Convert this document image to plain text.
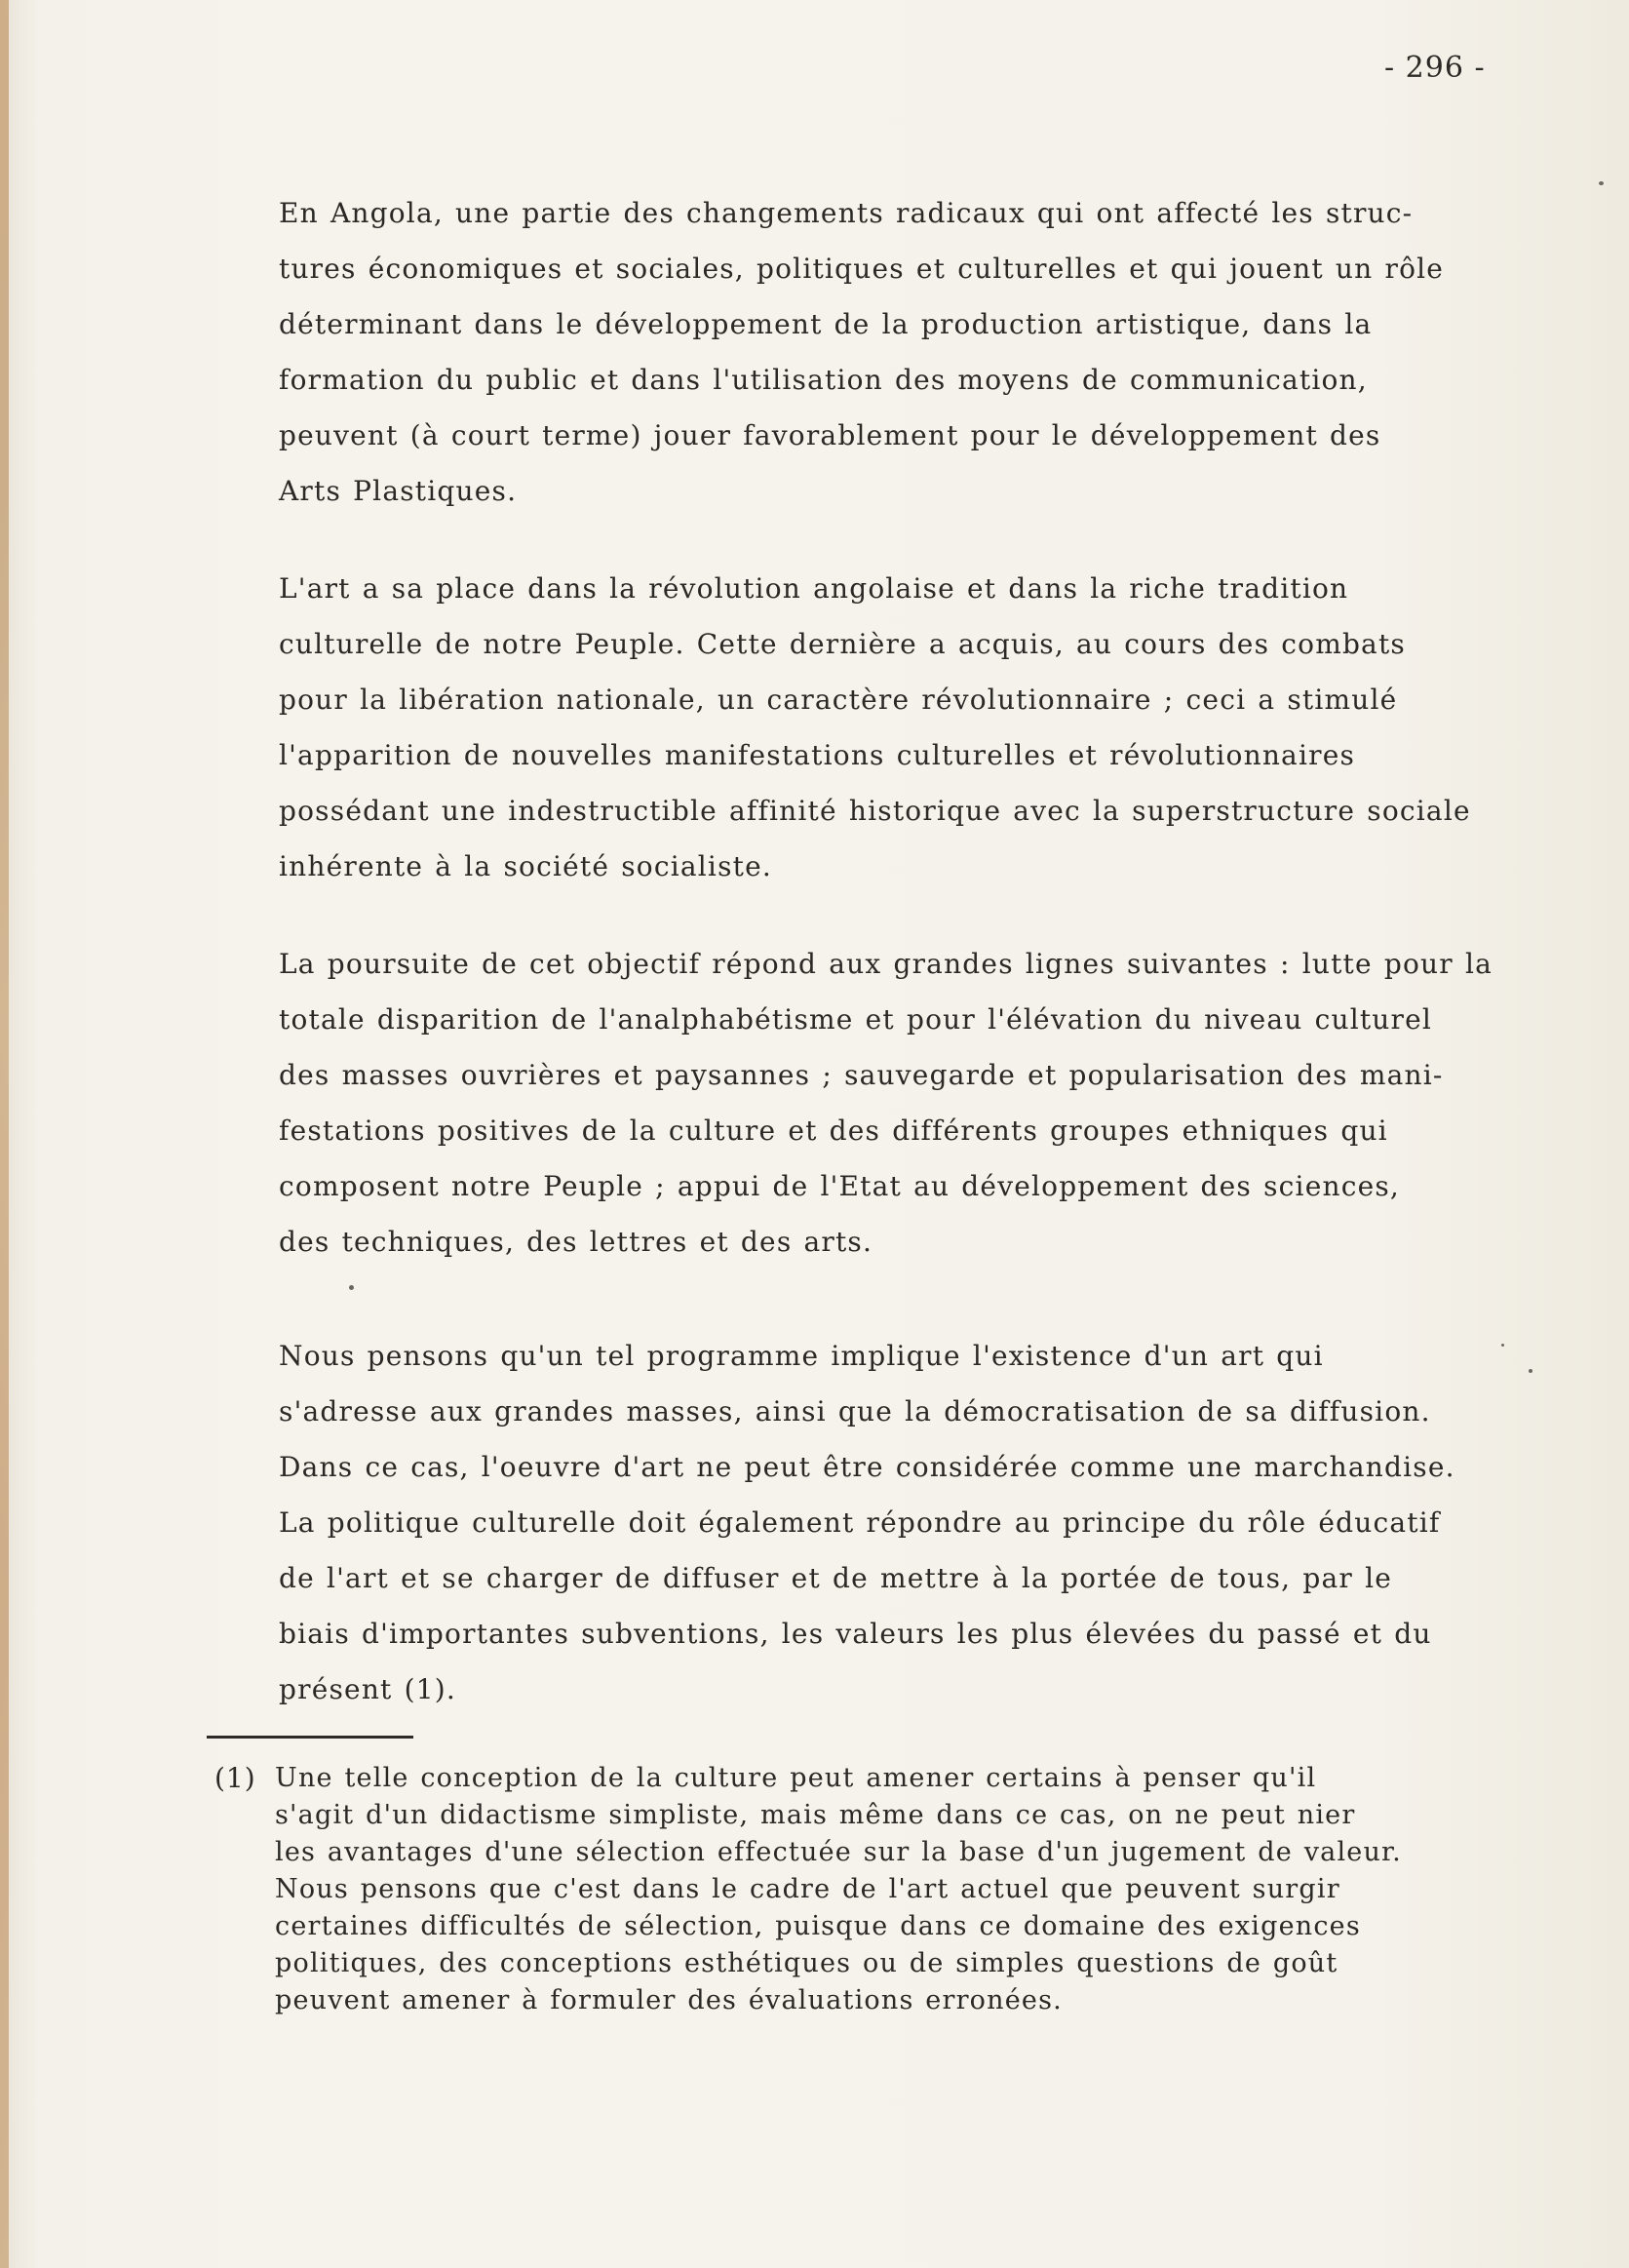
- 296 -

En Angola, une partie des changements radicaux qui ont affecté les struc-
tures économiques et sociales, politiques et culturelles et qui jouent un rôle
déterminant dans le développement de la production artistique, dans la
formation du public et dans l'utilisation des moyens de communication,
peuvent (à court terme) jouer favorablement pour le développement des
Arts Plastiques.

L'art a sa place dans la révolution angolaise et dans la riche tradition
culturelle de notre Peuple. Cette dernière a acquis, au cours des combats
pour la libération nationale, un caractère révolutionnaire ; ceci a stimulé
l'apparition de nouvelles manifestations culturelles et révolutionnaires
possédant une indestructible affinité historique avec la superstructure sociale
inhérente à la société socialiste.

La poursuite de cet objectif répond aux grandes lignes suivantes : lutte pour la
totale disparition de l'analphabétisme et pour l'élévation du niveau culturel
des masses ouvrières et paysannes ; sauvegarde et popularisation des mani-
festations positives de la culture et des différents groupes ethniques qui
composent notre Peuple ; appui de l'Etat au développement des sciences,
des techniques, des lettres et des arts.

Nous pensons qu'un tel programme implique l'existence d'un art qui
s'adresse aux grandes masses, ainsi que la démocratisation de sa diffusion.
Dans ce cas, l'oeuvre d'art ne peut être considérée comme une marchandise.
La politique culturelle doit également répondre au principe du rôle éducatif
de l'art et se charger de diffuser et de mettre à la portée de tous, par le
biais d'importantes subventions, les valeurs les plus élevées du passé et du
présent (1).

(1) Une telle conception de la culture peut amener certains à penser qu'il
s'agit d'un didactisme simpliste, mais même dans ce cas, on ne peut nier
les avantages d'une sélection effectuée sur la base d'un jugement de valeur.
Nous pensons que c'est dans le cadre de l'art actuel que peuvent surgir
certaines difficultés de sélection, puisque dans ce domaine des exigences
politiques, des conceptions esthétiques ou de simples questions de goût
peuvent amener à formuler des évaluations erronées.
